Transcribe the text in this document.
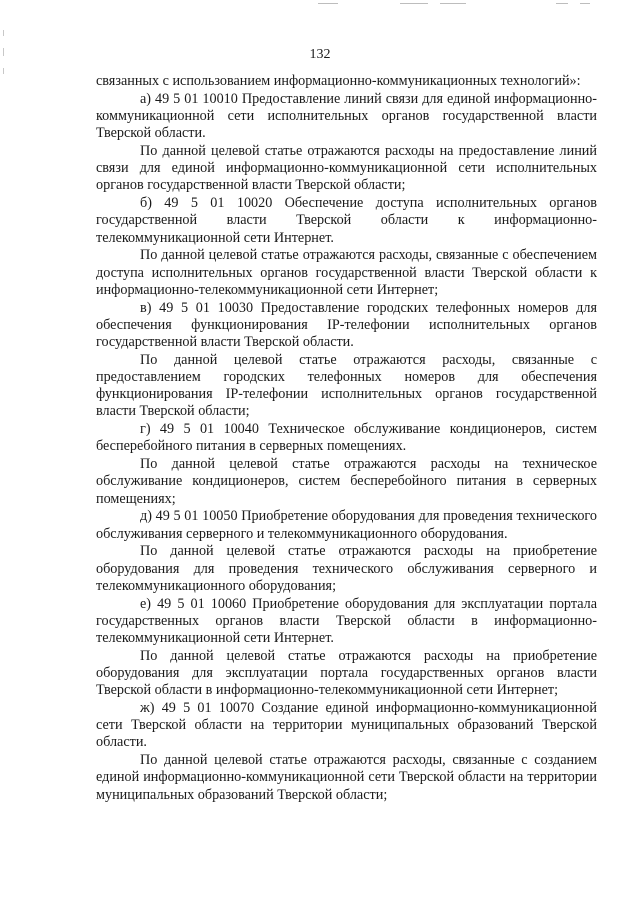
132

связанных с использованием информационно-коммуникационных технологий»:

а) 49 5 01 10010 Предоставление линий связи для единой информационно-коммуникационной сети исполнительных органов государственной власти Тверской области.

По данной целевой статье отражаются расходы на предоставление линий связи для единой информационно-коммуникационной сети исполнительных органов государственной власти Тверской области;

б) 49 5 01 10020 Обеспечение доступа исполнительных органов государственной власти Тверской области к информационно-телекоммуникационной сети Интернет.

По данной целевой статье отражаются расходы, связанные с обеспечением доступа исполнительных органов государственной власти Тверской области к информационно-телекоммуникационной сети Интернет;

в) 49 5 01 10030 Предоставление городских телефонных номеров для обеспечения функционирования IP-телефонии исполнительных органов государственной власти Тверской области.

По данной целевой статье отражаются расходы, связанные с предоставлением городских телефонных номеров для обеспечения функционирования IP-телефонии исполнительных органов государственной власти Тверской области;

г) 49 5 01 10040 Техническое обслуживание кондиционеров, систем бесперебойного питания в серверных помещениях.

По данной целевой статье отражаются расходы на техническое обслуживание кондиционеров, систем бесперебойного питания в серверных помещениях;

д) 49 5 01 10050 Приобретение оборудования для проведения технического обслуживания серверного и телекоммуникационного оборудования.

По данной целевой статье отражаются расходы на приобретение оборудования для проведения технического обслуживания серверного и телекоммуникационного оборудования;

е) 49 5 01 10060 Приобретение оборудования для эксплуатации портала государственных органов власти Тверской области в информационно-телекоммуникационной сети Интернет.

По данной целевой статье отражаются расходы на приобретение оборудования для эксплуатации портала государственных органов власти Тверской области в информационно-телекоммуникационной сети Интернет;

ж) 49 5 01 10070 Создание единой информационно-коммуникационной сети Тверской области на территории муниципальных образований Тверской области.

По данной целевой статье отражаются расходы, связанные с созданием единой информационно-коммуникационной сети Тверской области на территории муниципальных образований Тверской области;
